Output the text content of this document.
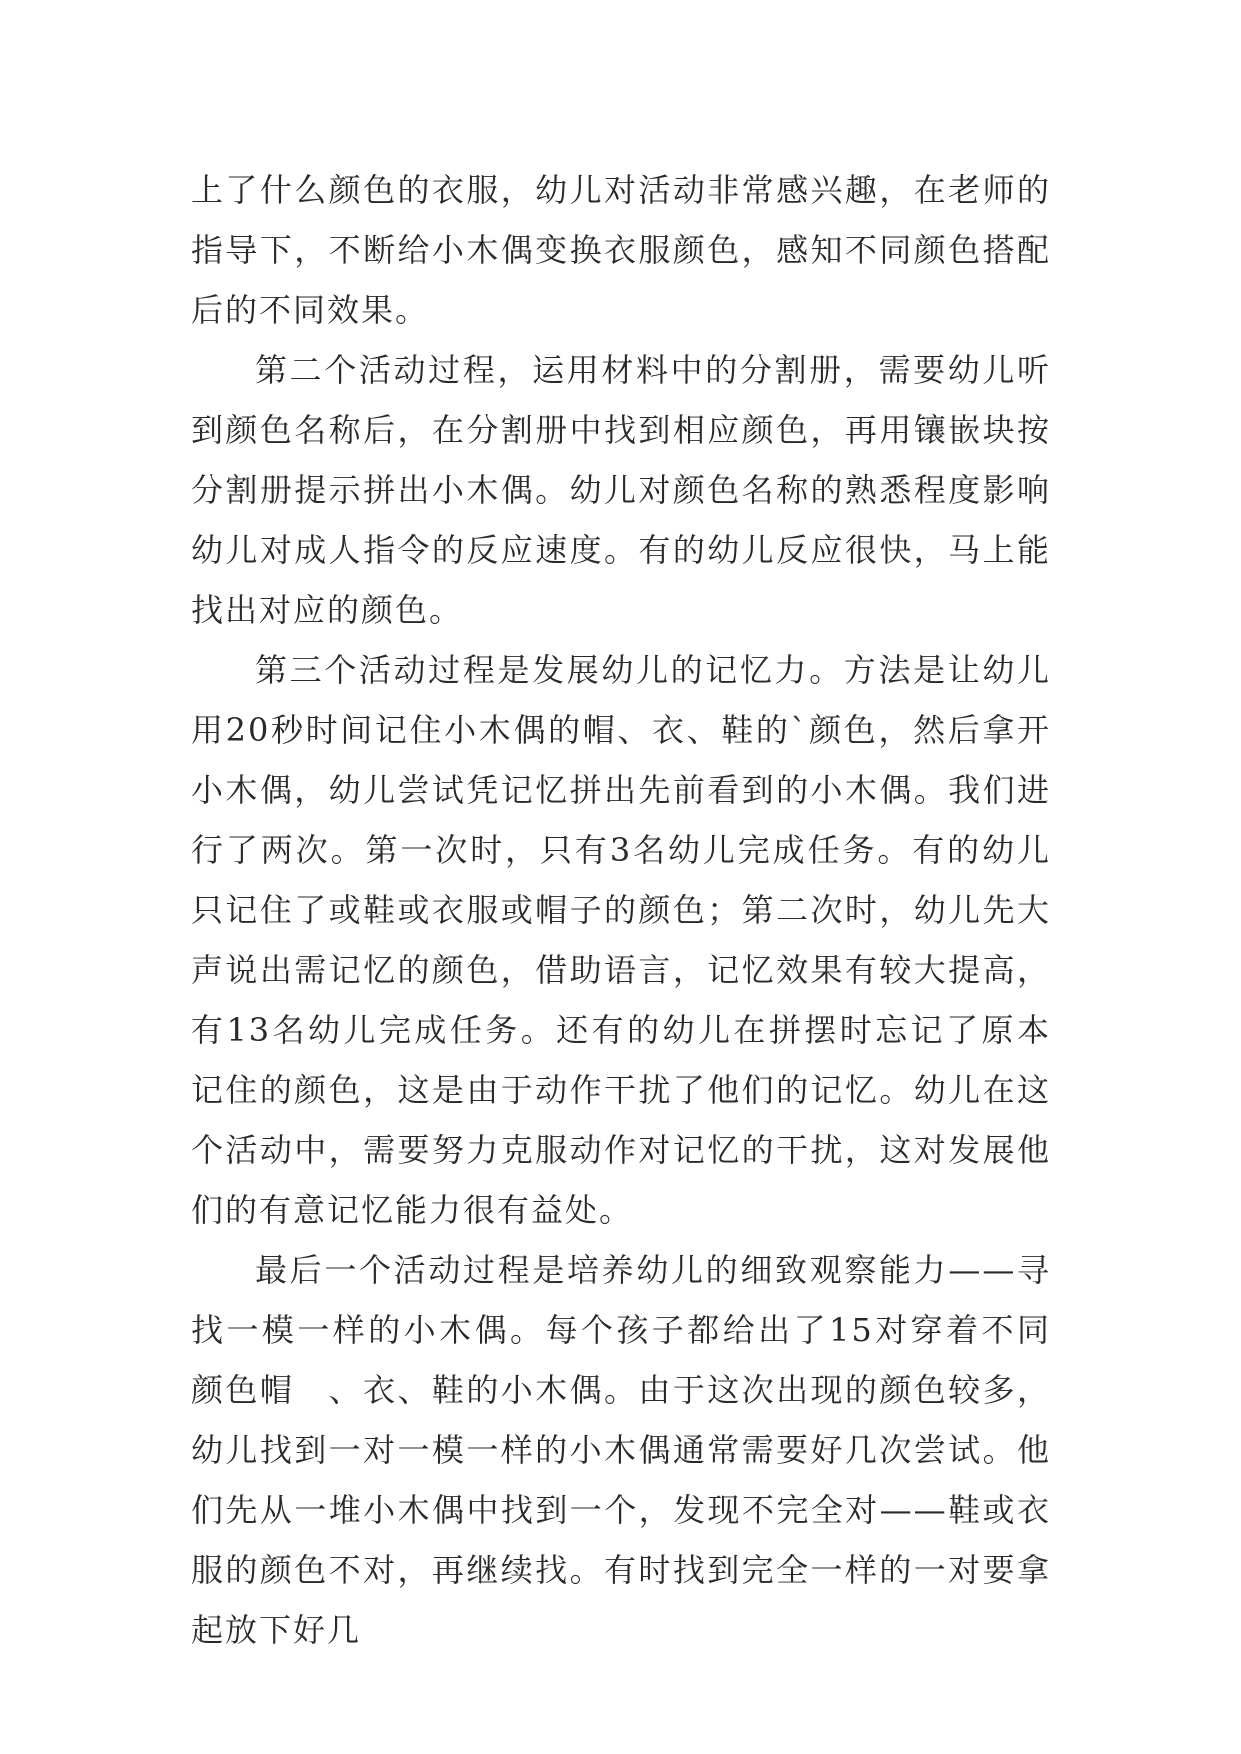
上了什么颜色的衣服，幼儿对活动非常感兴趣，在老师的指导下，不断给小木偶变换衣服颜色，感知不同颜色搭配后的不同效果。

第二个活动过程，运用材料中的分割册，需要幼儿听到颜色名称后，在分割册中找到相应颜色，再用镶嵌块按分割册提示拼出小木偶。幼儿对颜色名称的熟悉程度影响幼儿对成人指令的反应速度。有的幼儿反应很快，马上能找出对应的颜色。

第三个活动过程是发展幼儿的记忆力。方法是让幼儿用20秒时间记住小木偶的帽、衣、鞋的`颜色，然后拿开小木偶，幼儿尝试凭记忆拼出先前看到的小木偶。我们进行了两次。第一次时，只有3名幼儿完成任务。有的幼儿只记住了或鞋或衣服或帽子的颜色；第二次时，幼儿先大声说出需记忆的颜色，借助语言，记忆效果有较大提高，有13名幼儿完成任务。还有的幼儿在拼摆时忘记了原本记住的颜色，这是由于动作干扰了他们的记忆。幼儿在这个活动中，需要努力克服动作对记忆的干扰，这对发展他们的有意记忆能力很有益处。

最后一个活动过程是培养幼儿的细致观察能力——寻找一模一样的小木偶。每个孩子都给出了15对穿着不同颜色帽　、衣、鞋的小木偶。由于这次出现的颜色较多，幼儿找到一对一模一样的小木偶通常需要好几次尝试。他们先从一堆小木偶中找到一个，发现不完全对——鞋或衣服的颜色不对，再继续找。有时找到完全一样的一对要拿起放下好几
